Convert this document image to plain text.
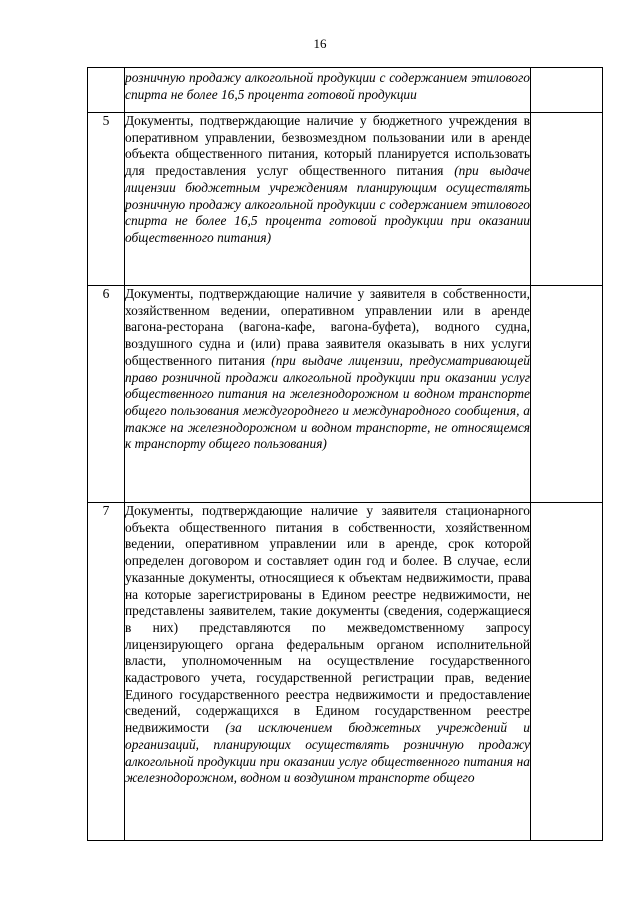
16
	розничную продажу алкогольной продукции с содержанием этилового спирта не более 16,5 процента готовой продукции	
5	Документы, подтверждающие наличие у бюджетного учреждения в оперативном управлении, безвозмездном пользовании или в аренде объекта общественного питания, который планируется использовать для предоставления услуг общественного питания (при выдаче лицензии бюджетным учреждениям планирующим осуществлять розничную продажу алкогольной продукции с содержанием этилового спирта не более 16,5 процента готовой продукции при оказании общественного питания)	
6	Документы, подтверждающие наличие у заявителя в собственности, хозяйственном ведении, оперативном управлении или в аренде вагона-ресторана (вагона-кафе, вагона-буфета), водного судна, воздушного судна и (или) права заявителя оказывать в них услуги общественного питания (при выдаче лицензии, предусматривающей право розничной продажи алкогольной продукции при оказании услуг общественного питания на железнодорожном и водном транспорте общего пользования междугороднего и международного сообщения, а также на железнодорожном и водном транспорте, не относящемся к транспорту общего пользования)	
7	Документы, подтверждающие наличие у заявителя стационарного объекта общественного питания в собственности, хозяйственном ведении, оперативном управлении или в аренде, срок которой определен договором и составляет один год и более. В случае, если указанные документы, относящиеся к объектам недвижимости, права на которые зарегистрированы в Едином реестре недвижимости, не представлены заявителем, такие документы (сведения, содержащиеся в них) представляются по межведомственному запросу лицензирующего органа федеральным органом исполнительной власти, уполномоченным на осуществление государственного кадастрового учета, государственной регистрации прав, ведение Единого государственного реестра недвижимости и предоставление сведений, содержащихся в Едином государственном реестре недвижимости (за исключением бюджетных учреждений и организаций, планирующих осуществлять розничную продажу алкогольной продукции при оказании услуг общественного питания на железнодорожном, водном и воздушном транспорте общего	
